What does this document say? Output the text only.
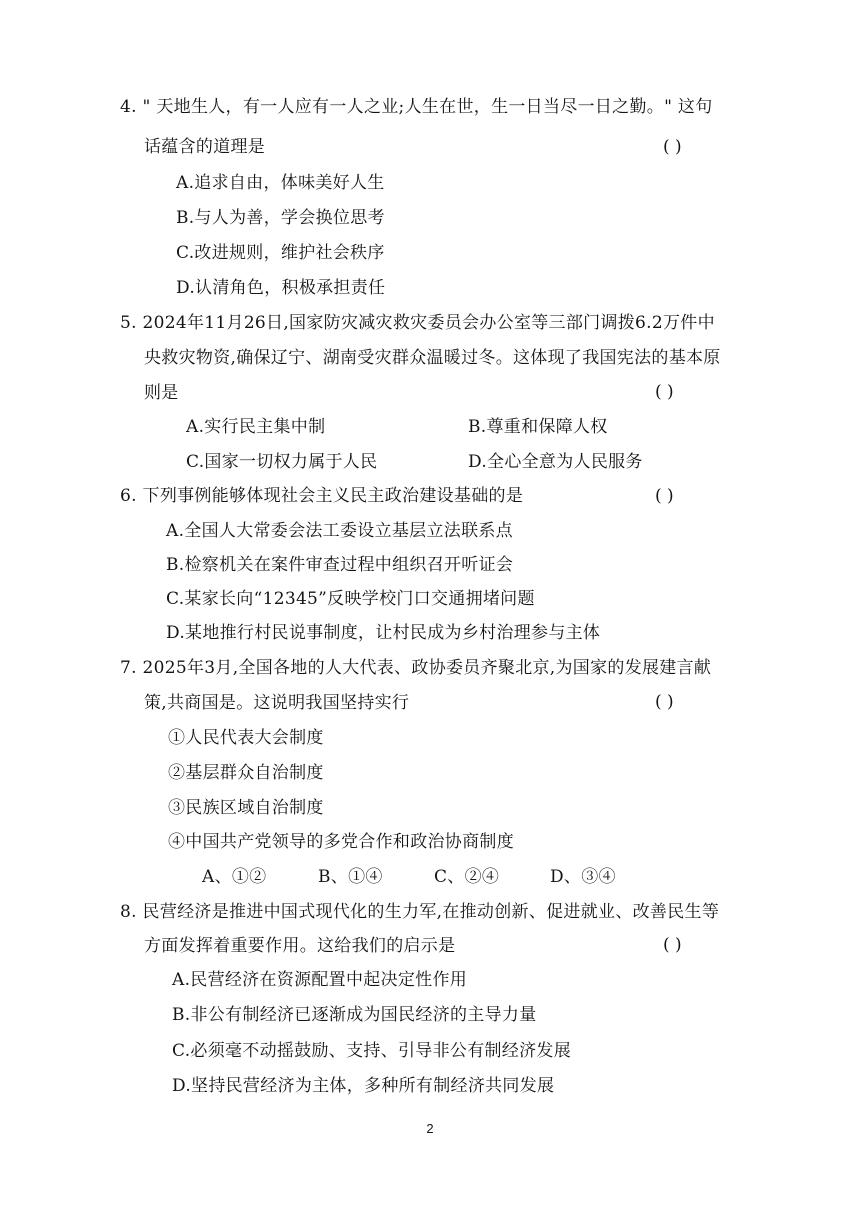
4. " 天地生人，有一人应有一人之业;人生在世，生一日当尽一日之勤。" 这句
话蕴含的道理是	( )
A.追求自由，体味美好人生
B.与人为善，学会换位思考
C.改进规则，维护社会秩序
D.认清角色，积极承担责任
5. 2024年11月26日,国家防灾减灾救灾委员会办公室等三部门调拨6.2万件中
央救灾物资,确保辽宁、湖南受灾群众温暖过冬。这体现了我国宪法的基本原
则是	( )
A.实行民主集中制	B.尊重和保障人权
C.国家一切权力属于人民	D.全心全意为人民服务
6. 下列事例能够体现社会主义民主政治建设基础的是	( )
A.全国人大常委会法工委设立基层立法联系点
B.检察机关在案件审查过程中组织召开听证会
C.某家长向“12345”反映学校门口交通拥堵问题
D.某地推行村民说事制度，让村民成为乡村治理参与主体
7. 2025年3月,全国各地的人大代表、政协委员齐聚北京,为国家的发展建言献
策,共商国是。这说明我国坚持实行	( )
①人民代表大会制度
②基层群众自治制度
③民族区域自治制度
④中国共产党领导的多党合作和政治协商制度
A、①②	B、①④	C、②④	D、③④
8. 民营经济是推进中国式现代化的生力军,在推动创新、促进就业、改善民生等
方面发挥着重要作用。这给我们的启示是	( )
A.民营经济在资源配置中起决定性作用
B.非公有制经济已逐渐成为国民经济的主导力量
C.必须毫不动摇鼓励、支持、引导非公有制经济发展
D.坚持民营经济为主体，多种所有制经济共同发展
2
